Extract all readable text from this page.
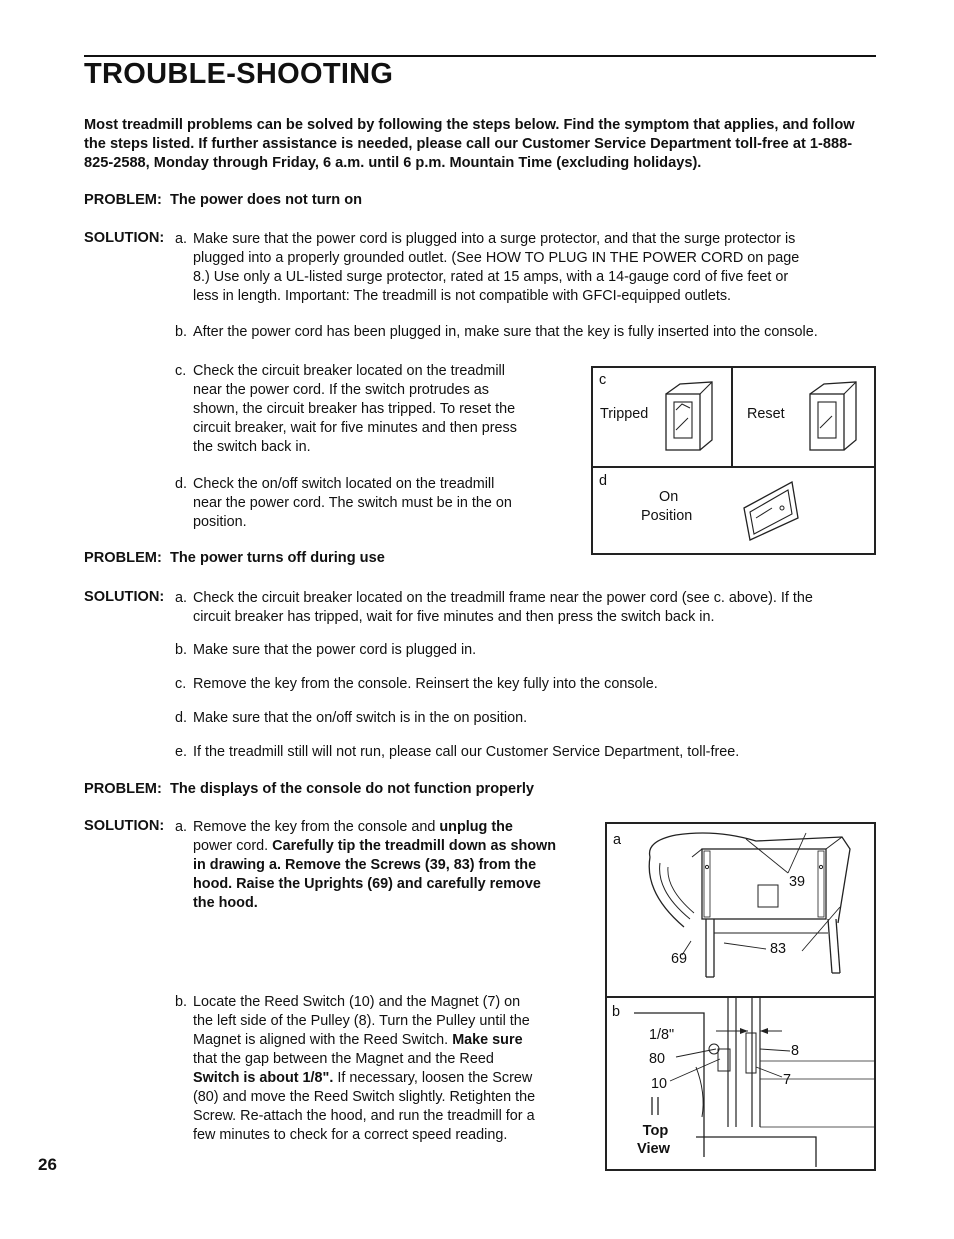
TROUBLE-SHOOTING
Most treadmill problems can be solved by following the steps below. Find the symptom that applies, and follow the steps listed. If further assistance is needed, please call our Customer Service Department toll-free at 1-888-825-2588, Monday through Friday, 6 a.m. until 6 p.m. Mountain Time (excluding holidays).
PROBLEM: The power does not turn on
SOLUTION: a. Make sure that the power cord is plugged into a surge protector, and that the surge protector is
plugged into a properly grounded outlet. (See HOW TO PLUG IN THE POWER CORD on page
8.) Use only a UL-listed surge protector, rated at 15 amps, with a 14-gauge cord of five feet or
less in length. Important: The treadmill is not compatible with GFCI-equipped outlets.
b. After the power cord has been plugged in, make sure that the key is fully inserted into the console.
c. Check the circuit breaker located on the treadmill
near the power cord. If the switch protrudes as
shown, the circuit breaker has tripped. To reset the
circuit breaker, wait for five minutes and then press
the switch back in.
d. Check the on/off switch located on the treadmill
near the power cord. The switch must be in the on
position.
c
Tripped	Reset
d
On
Position
PROBLEM: The power turns off during use
SOLUTION: a. Check the circuit breaker located on the treadmill frame near the power cord (see c. above). If the
circuit breaker has tripped, wait for five minutes and then press the switch back in.
b. Make sure that the power cord is plugged in.
c. Remove the key from the console. Reinsert the key fully into the console.
d. Make sure that the on/off switch is in the on position.
e. If the treadmill still will not run, please call our Customer Service Department, toll-free.
PROBLEM: The displays of the console do not function properly
SOLUTION: a. Remove the key from the console and unplug the
power cord. Carefully tip the treadmill down as shown
in drawing a. Remove the Screws (39, 83) from the
hood. Raise the Uprights (69) and carefully remove
the hood.
b. Locate the Reed Switch (10) and the Magnet (7) on
the left side of the Pulley (8). Turn the Pulley until the
Magnet is aligned with the Reed Switch. Make sure
that the gap between the Magnet and the Reed
Switch is about 1/8". If necessary, loosen the Screw
(80) and move the Reed Switch slightly. Retighten the
Screw. Re-attach the hood, and run the treadmill for a
few minutes to check for a correct speed reading.
a
39
69
83
b
1/8"
80
10
8
7
Top
View
26
